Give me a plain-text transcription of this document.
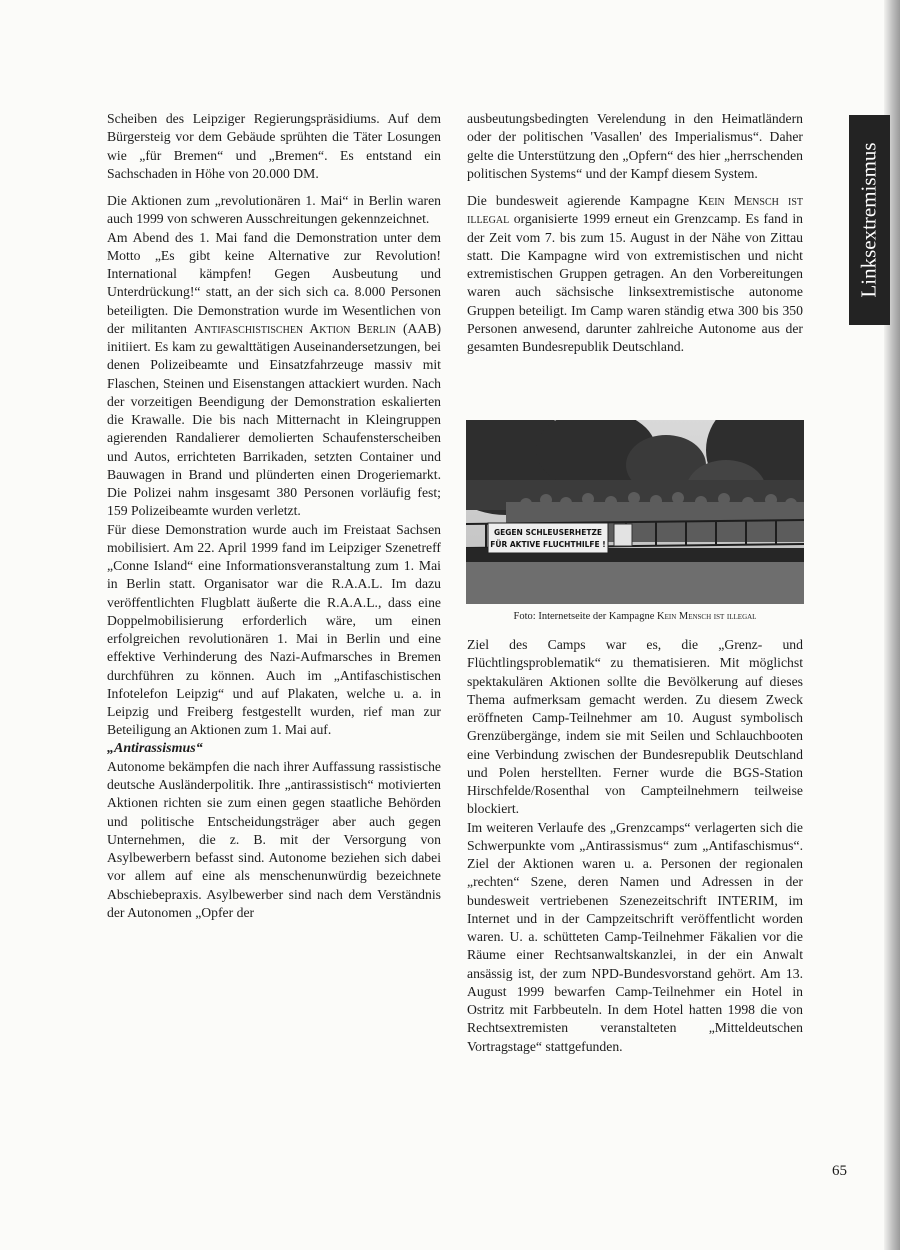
Scheiben des Leipziger Regierungspräsidiums. Auf dem Bürgersteig vor dem Gebäude sprühten die Täter Losungen wie „für Bremen“ und „Bremen“. Es entstand ein Sachschaden in Höhe von 20.000 DM.

Die Aktionen zum „revolutionären 1. Mai“ in Berlin waren auch 1999 von schweren Ausschreitungen gekennzeichnet.

Am Abend des 1. Mai fand die Demonstration unter dem Motto „Es gibt keine Alternative zur Revolution! International kämpfen! Gegen Ausbeutung und Unterdrückung!“ statt, an der sich sich ca. 8.000 Personen beteiligten. Die Demonstration wurde im Wesentlichen von der militanten Antifaschistischen Aktion Berlin (AAB) initiiert. Es kam zu gewalttätigen Auseinandersetzungen, bei denen Polizeibeamte und Einsatzfahrzeuge massiv mit Flaschen, Steinen und Eisenstangen attackiert wurden. Nach der vorzeitigen Beendigung der Demonstration eskalierten die Krawalle. Die bis nach Mitternacht in Kleingruppen agierenden Randalierer demolierten Schaufensterscheiben und Autos, errichteten Barrikaden, setzten Container und Bauwagen in Brand und plünderten einen Drogeriemarkt. Die Polizei nahm insgesamt 380 Personen vorläufig fest; 159 Polizeibeamte wurden verletzt.

Für diese Demonstration wurde auch im Freistaat Sachsen mobilisiert. Am 22. April 1999 fand im Leipziger Szenetreff „Conne Island“ eine Informationsveranstaltung zum 1. Mai in Berlin statt. Organisator war die R.A.A.L. Im dazu veröffentlichten Flugblatt äußerte die R.A.A.L., dass eine Doppelmobilisierung erforderlich wäre, um einen erfolgreichen revolutionären 1. Mai in Berlin und eine effektive Verhinderung des Nazi-Aufmarsches in Bremen durchführen zu können. Auch im „Antifaschistischen Infotelefon Leipzig“ und auf Plakaten, welche u. a. in Leipzig und Freiberg festgestellt wurden, rief man zur Beteiligung an Aktionen zum 1. Mai auf.

„Antirassismus“

Autonome bekämpfen die nach ihrer Auffassung rassistische deutsche Ausländerpolitik. Ihre „antirassistisch“ motivierten Aktionen richten sie zum einen gegen staatliche Behörden und politische Entscheidungsträger aber auch gegen Unternehmen, die z. B. mit der Versorgung von Asylbewerbern befasst sind. Autonome beziehen sich dabei vor allem auf eine als menschenunwürdig bezeichnete Abschiebepraxis. Asylbewerber sind nach dem Verständnis der Autonomen „Opfer der

ausbeutungsbedingten Verelendung in den Heimatländern oder der politischen 'Vasallen' des Imperialismus“. Daher gelte die Unterstützung den „Opfern“ des hier „herrschenden politischen Systems“ und der Kampf diesem System.

Die bundesweit agierende Kampagne Kein Mensch ist illegal organisierte 1999 erneut ein Grenzcamp. Es fand in der Zeit vom 7. bis zum 15. August in der Nähe von Zittau statt. Die Kampagne wird von extremistischen und nicht extremistischen Gruppen getragen. An den Vorbereitungen waren auch sächsische linksextremistische autonome Gruppen beteiligt. Im Camp waren ständig etwa 300 bis 350 Personen anwesend, darunter zahlreiche Autonome aus der gesamten Bundesrepublik Deutschland.

GEGEN SCHLEUSERHETZE
FÜR AKTIVE FLUCHTHILFE !
Foto: Internetseite der Kampagne Kein Mensch ist illegal

Ziel des Camps war es, die „Grenz- und Flüchtlingsproblematik“ zu thematisieren. Mit möglichst spektakulären Aktionen sollte die Bevölkerung auf dieses Thema aufmerksam gemacht werden. Zu diesem Zweck eröffneten Camp-Teilnehmer am 10. August symbolisch Grenzübergänge, indem sie mit Seilen und Schlauchbooten eine Verbindung zwischen der Bundesrepublik Deutschland und Polen herstellten. Ferner wurde die BGS-Station Hirschfelde/Rosenthal von Campteilnehmern teilweise blockiert.

Im weiteren Verlaufe des „Grenzcamps“ verlagerten sich die Schwerpunkte vom „Antirassismus“ zum „Antifaschismus“. Ziel der Aktionen waren u. a. Personen der regionalen „rechten“ Szene, deren Namen und Adressen in der bundesweit vertriebenen Szenezeitschrift INTERIM, im Internet und in der Campzeitschrift veröffentlicht worden waren. U. a. schütteten Camp-Teilnehmer Fäkalien vor die Räume einer Rechtsanwaltskanzlei, in der ein Anwalt ansässig ist, der zum NPD-Bundesvorstand gehört. Am 13. August 1999 bewarfen Camp-Teilnehmer ein Hotel in Ostritz mit Farbbeuteln. In dem Hotel hatten 1998 die von Rechtsextremisten veranstalteten „Mitteldeutschen Vortragstage“ stattgefunden.

Linksextremismus
65
